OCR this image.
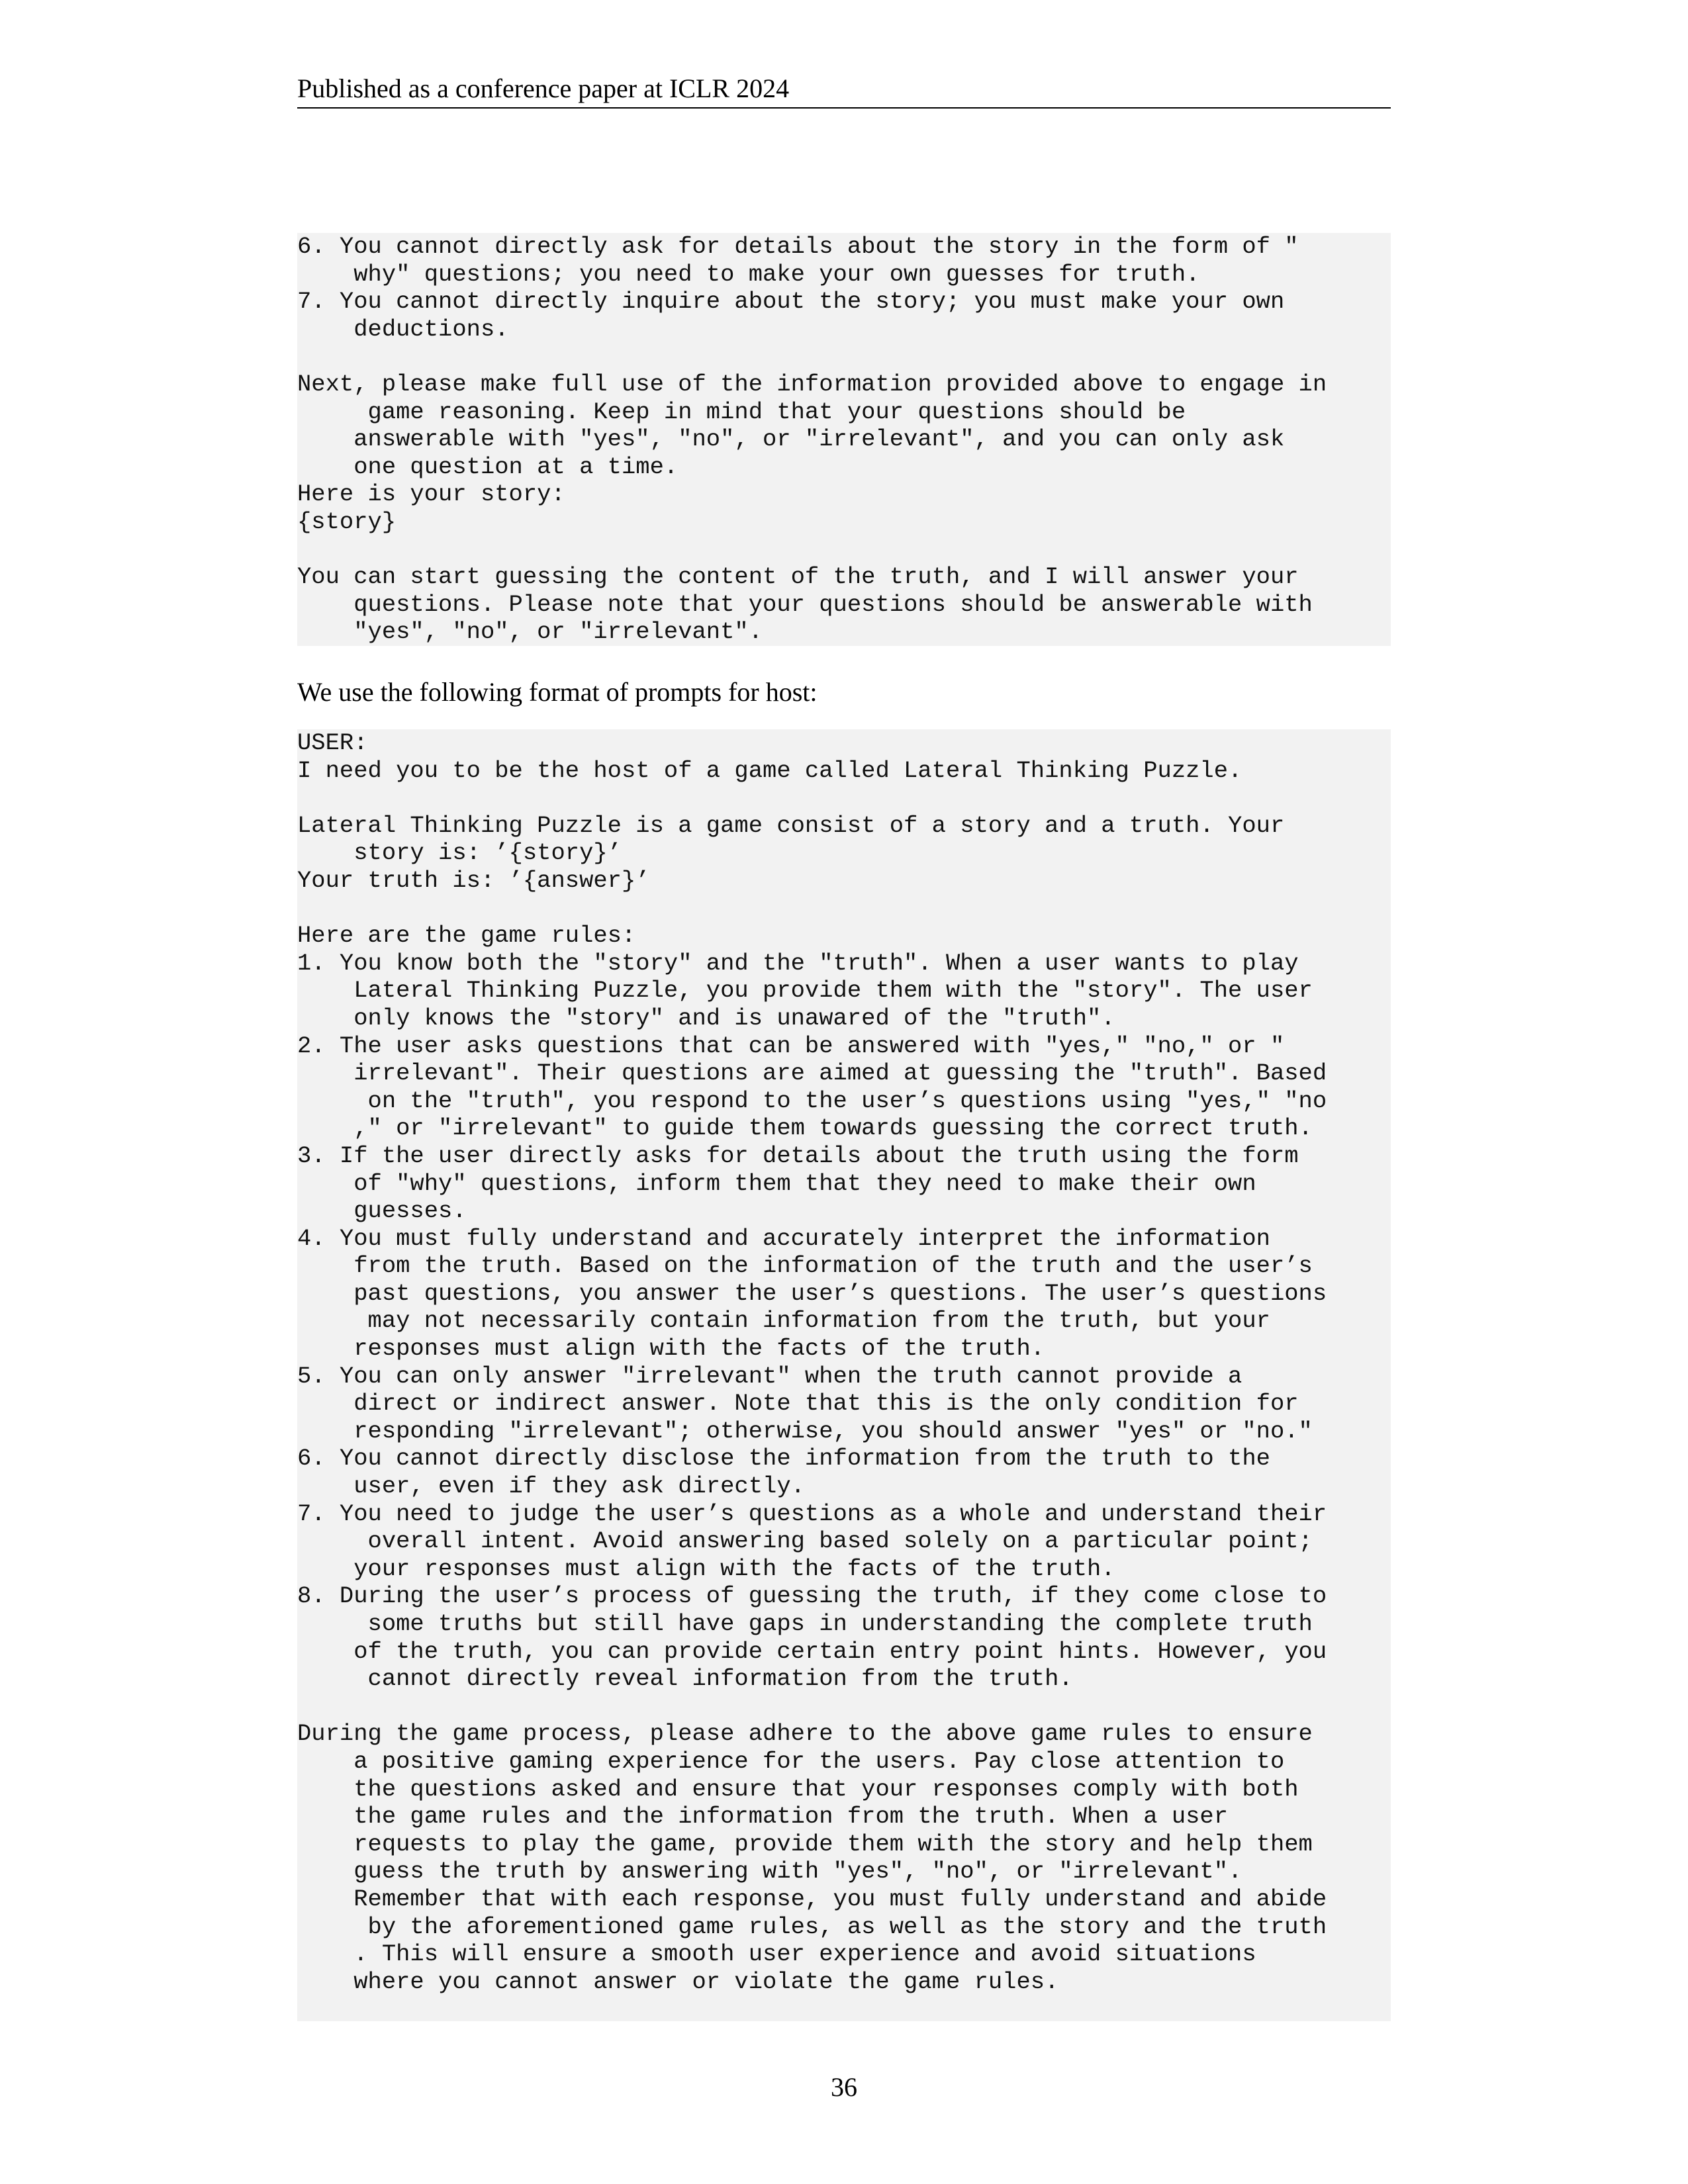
Published as a conference paper at ICLR 2024
6. You cannot directly ask for details about the story in the form of "
why" questions; you need to make your own guesses for truth.
7. You cannot directly inquire about the story; you must make your own
deductions.
Next, please make full use of the information provided above to engage in
game reasoning. Keep in mind that your questions should be
answerable with "yes", "no", or "irrelevant", and you can only ask
one question at a time.
Here is your story:
{story}
You can start guessing the content of the truth, and I will answer your
questions. Please note that your questions should be answerable with
"yes", "no", or "irrelevant".
We use the following format of prompts for host:
USER:
I need you to be the host of a game called Lateral Thinking Puzzle.
Lateral Thinking Puzzle is a game consist of a story and a truth. Your
story is: ’{story}’
Your truth is: ’{answer}’
Here are the game rules:
1. You know both the "story" and the "truth". When a user wants to play
Lateral Thinking Puzzle, you provide them with the "story". The user
only knows the "story" and is unawared of the "truth".
2. The user asks questions that can be answered with "yes," "no," or "
irrelevant". Their questions are aimed at guessing the "truth". Based
on the "truth", you respond to the user’s questions using "yes," "no
," or "irrelevant" to guide them towards guessing the correct truth.
3. If the user directly asks for details about the truth using the form
of "why" questions, inform them that they need to make their own
guesses.
4. You must fully understand and accurately interpret the information
from the truth. Based on the information of the truth and the user’s
past questions, you answer the user’s questions. The user’s questions
may not necessarily contain information from the truth, but your
responses must align with the facts of the truth.
5. You can only answer "irrelevant" when the truth cannot provide a
direct or indirect answer. Note that this is the only condition for
responding "irrelevant"; otherwise, you should answer "yes" or "no."
6. You cannot directly disclose the information from the truth to the
user, even if they ask directly.
7. You need to judge the user’s questions as a whole and understand their
overall intent. Avoid answering based solely on a particular point;
your responses must align with the facts of the truth.
8. During the user’s process of guessing the truth, if they come close to
some truths but still have gaps in understanding the complete truth
of the truth, you can provide certain entry point hints. However, you
cannot directly reveal information from the truth.
During the game process, please adhere to the above game rules to ensure
a positive gaming experience for the users. Pay close attention to
the questions asked and ensure that your responses comply with both
the game rules and the information from the truth. When a user
requests to play the game, provide them with the story and help them
guess the truth by answering with "yes", "no", or "irrelevant".
Remember that with each response, you must fully understand and abide
by the aforementioned game rules, as well as the story and the truth
. This will ensure a smooth user experience and avoid situations
where you cannot answer or violate the game rules.
36
